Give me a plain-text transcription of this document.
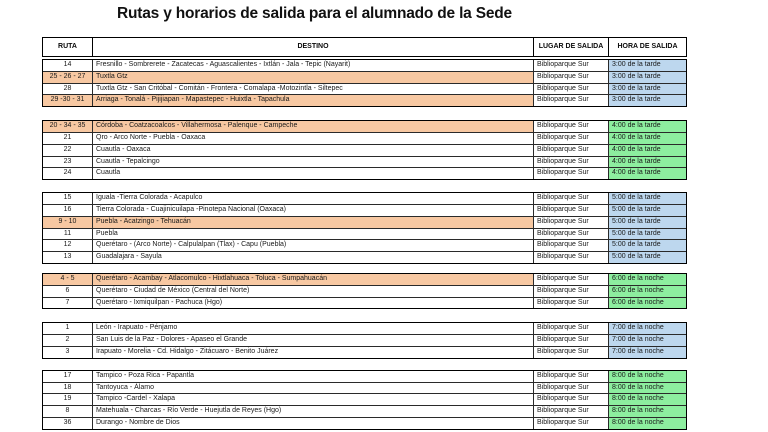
Rutas y horarios de salida para el alumnado de la Sede
RUTA	DESTINO	LUGAR DE SALIDA	HORA DE SALIDA
14	Fresnillo - Sombrerete - Zacatecas - Aguascalientes - Ixtlán - Jala - Tepic (Nayarit)	Biblioparque Sur	3:00 de la tarde
25 - 26 - 27	Tuxtla Gtz	Biblioparque Sur	3:00 de la tarde
28	Tuxtla Gtz - San Critóbal - Comitán - Frontera - Comalapa -Motozintla - Siltepec	Biblioparque Sur	3:00 de la tarde
29 -30 - 31	Arriaga - Tonalá - Pijijiapan - Mapastepec - Huixtla - Tapachula	Biblioparque Sur	3:00 de la tarde
20 - 34 - 35	Córdoba - Coatzacoalcos - Villahermosa - Palenque - Campeche	Biblioparque Sur	4:00 de la tarde
21	Qro - Arco Norte - Puebla - Oaxaca	Biblioparque Sur	4:00 de la tarde
22	Cuautla - Oaxaca	Biblioparque Sur	4:00 de la tarde
23	Cuautla - Tepalcingo	Biblioparque Sur	4:00 de la tarde
24	Cuautla	Biblioparque Sur	4:00 de la tarde
15	Iguala -Tierra Colorada - Acapulco	Biblioparque Sur	5:00 de la tarde
16	Tierra Colorada - Cuajinicuilapa -Pinotepa Nacional (Oaxaca)	Biblioparque Sur	5:00 de la tarde
9 - 10	Puebla - Acatzingo - Tehuacán	Biblioparque Sur	5:00 de la tarde
11	Puebla	Biblioparque Sur	5:00 de la tarde
12	Querétaro - (Arco Norte) - Calpulalpan (Tlax) - Capu (Puebla)	Biblioparque Sur	5:00 de la tarde
13	Guadalajara - Sayula	Biblioparque Sur	5:00 de la tarde
4 - 5	Querétaro - Acambay - Atlacomulco - Hixtlahuaca - Toluca - Sumpahuacán	Biblioparque Sur	6:00 de la noche
6	Querétaro - Ciudad de México (Central del Norte)	Biblioparque Sur	6:00 de la noche
7	Querétaro - Ixmiquilpan - Pachuca (Hgo)	Biblioparque Sur	6:00 de la noche
1	León - Irapuato - Pénjamo	Biblioparque Sur	7:00 de la noche
2	San Luis de la Paz - Dolores - Apaseo el Grande	Biblioparque Sur	7:00 de la noche
3	Irapuato - Morelia - Cd. Hidalgo - Zitácuaro - Benito Juárez	Biblioparque Sur	7:00 de la noche
17	Tampico - Poza Rica - Papantla	Biblioparque Sur	8:00 de la noche
18	Tantoyuca - Álamo	Biblioparque Sur	8:00 de la noche
19	Tampico -Cardel - Xalapa	Biblioparque Sur	8:00 de la noche
8	Matehuala - Charcas - Río Verde - Huejutla de Reyes (Hgo)	Biblioparque Sur	8:00 de la noche
36	Durango - Nombre de Dios	Biblioparque Sur	8:00 de la noche
